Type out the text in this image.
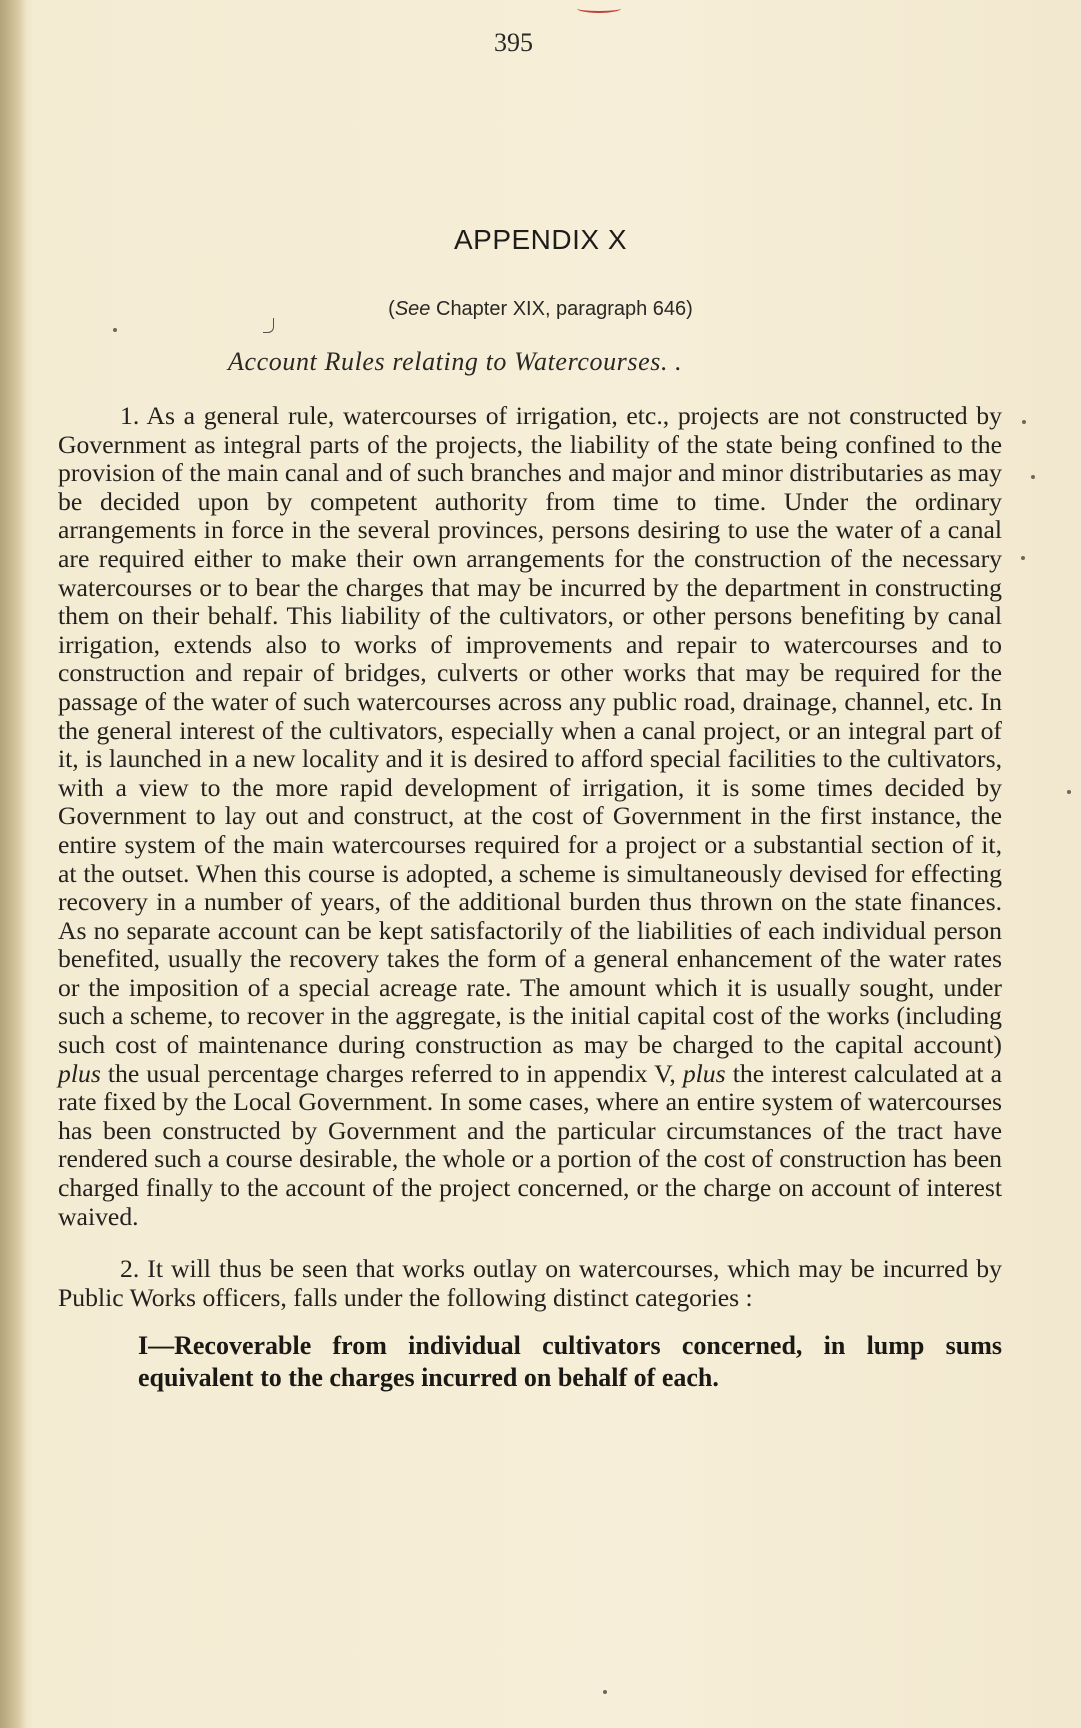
395
APPENDIX X
(See Chapter XIX, paragraph 646)
Account Rules relating to Watercourses. .

1. As a general rule, watercourses of irrigation, etc., projects are not constructed by Government as integral parts of the projects, the liability of the state being confined to the provision of the main canal and of such branches and major and minor distributaries as may be decided upon by competent authority from time to time. Under the ordinary arrangements in force in the several provinces, persons desiring to use the water of a canal are required either to make their own arrangements for the construction of the necessary watercourses or to bear the charges that may be incurred by the department in constructing them on their behalf. This liability of the cultivators, or other persons benefiting by canal irrigation, extends also to works of improvements and repair to watercourses and to construction and repair of bridges, culverts or other works that may be required for the passage of the water of such watercourses across any public road, drainage, channel, etc. In the general interest of the cultivators, especially when a canal project, or an integral part of it, is launched in a new locality and it is desired to afford special facilities to the cultivators, with a view to the more rapid development of irrigation, it is some times decided by Government to lay out and construct, at the cost of Government in the first instance, the entire system of the main watercourses required for a project or a substantial section of it, at the outset. When this course is adopted, a scheme is simultaneously devised for effecting recovery in a number of years, of the additional burden thus thrown on the state finances. As no separate account can be kept satisfactorily of the liabilities of each individual person benefited, usually the recovery takes the form of a general enhancement of the water rates or the imposition of a special acreage rate. The amount which it is usually sought, under such a scheme, to recover in the aggregate, is the initial capital cost of the works (including such cost of maintenance during construction as may be charged to the capital account) plus the usual percentage charges referred to in appendix V, plus the interest calculated at a rate fixed by the Local Government. In some cases, where an entire system of watercourses has been constructed by Government and the particular circumstances of the tract have rendered such a course desirable, the whole or a portion of the cost of construction has been charged finally to the account of the project concerned, or the charge on account of interest waived.

2. It will thus be seen that works outlay on watercourses, which may be incurred by Public Works officers, falls under the following distinct categories :

I—Recoverable from individual cultivators concerned, in lump sums equivalent to the charges incurred on behalf of each.
